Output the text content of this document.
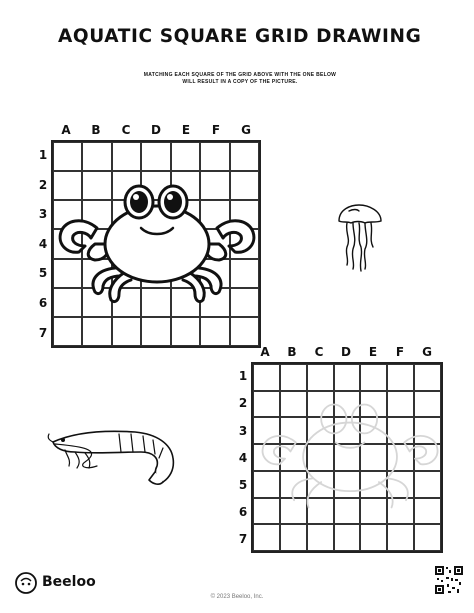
AQUATIC SQUARE GRID DRAWING
MATCHING EACH SQUARE OF THE GRID ABOVE WITH THE ONE BELOW
WILL RESULT IN A COPY OF THE PICTURE.
A	B	C	D	E	F	G
1
2
3
4
5
6
7
A	B	C	D	E	F	G
1
2
3
4
5
6
7
Beeloo
© 2023 Beeloo, Inc.
